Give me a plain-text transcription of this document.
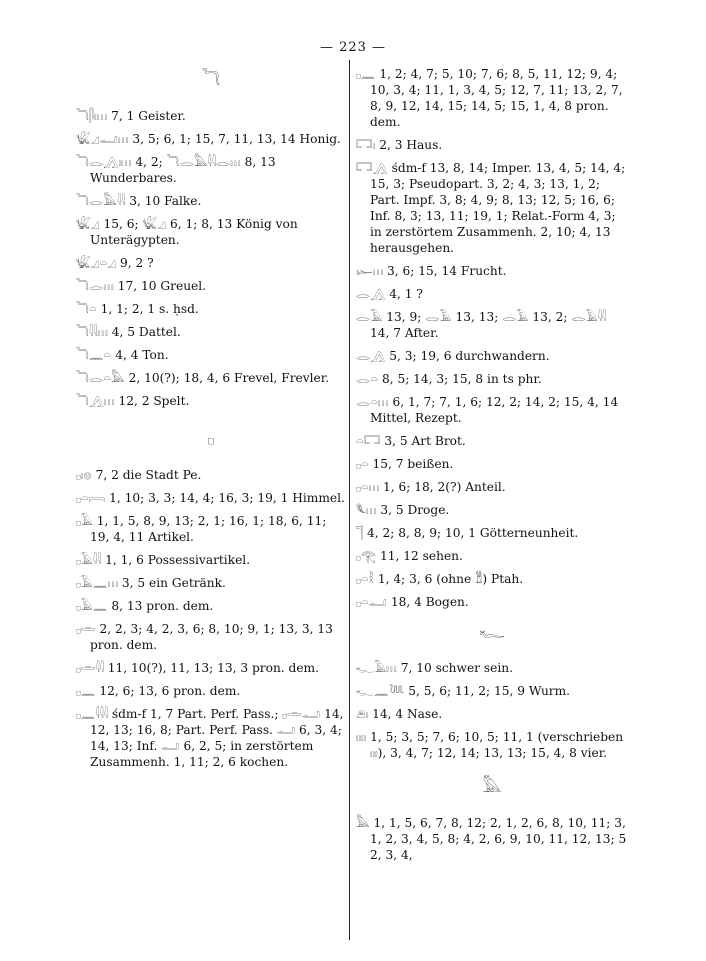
— 223 —
𓆓
𓆓𓋴𓏤𓏥 7, 1 Geister.
𓆤𓈎𓂝𓏥 3, 5; 6, 1; 15, 7, 11, 13, 14 Honig.
𓆓𓂋𓂻𓏤𓏥 4, 2; 𓆓𓂋𓅓𓇋𓇋𓂋𓏥 8, 13 Wunderbares.
𓆓𓂋𓅓𓇋𓇋 3, 10 Falke.
𓆤𓈎 15, 6; 𓆤𓈎 6, 1; 8, 13 König von Unterägypten.
𓆤𓈎𓏏𓈎 9, 2 ?
𓆓𓂋𓏥 17, 10 Greuel.
𓆓𓏏 1, 1; 2, 1 s. ḥsd.
𓆓𓇋𓇋𓏥 4, 5 Dattel.
𓆓𓈖𓏏 4, 4 Ton.
𓆓𓂋𓏏𓅓 2, 10(?); 18, 4, 6 Frevel, Frevler.
𓆓𓂻𓏥 12, 2 Spelt.
𓊪
𓊪𓏤𓊖 7, 2 die Stadt Pe.
𓊪𓏏𓇯 1, 10; 3, 3; 14, 4; 16, 3; 19, 1 Himmel.
𓊪𓄿 1, 1, 5, 8, 9, 13; 2, 1; 16, 1; 18, 6, 11; 19, 4, 11 Artikel.
𓊪𓄿𓇋𓇋 1, 1, 6 Possessivartikel.
𓊪𓄿𓈖𓏥 3, 5 ein Getränk.
𓊪𓄿𓈖 8, 13 pron. dem.
𓊪𓏛 2, 2, 3; 4, 2, 3, 6; 8, 10; 9, 1; 13, 3, 13 pron. dem.
𓊪𓏛𓇋𓇋 11, 10(?), 11, 13; 13, 3 pron. dem.
𓊪𓈖 12, 6; 13, 6 pron. dem.
𓊪𓈖𓇋𓇋𓇋 śdm-f 1, 7 Part. Perf. Pass.; 𓊪𓏛𓂝 14, 12, 13; 16, 8; Part. Perf. Pass. 𓂝 6, 3, 4; 14, 13; Inf. 𓂝 6, 2, 5; in zerstörtem Zusammenh. 1, 11; 2, 6 kochen.
𓊪𓈖 1, 2; 4, 7; 5, 10; 7, 6; 8, 5, 11, 12; 9, 4; 10, 3, 4; 11, 1, 3, 4, 5; 12, 7, 11; 13, 2, 7, 8, 9, 12, 14, 15; 14, 5; 15, 1, 4, 8 pron. dem.
𓉐𓏤 2, 3 Haus.
𓉐𓂻 śdm-f 13, 8, 14; Imper. 13, 4, 5; 14, 4; 15, 3; Pseudopart. 3, 2; 4, 3; 13, 1, 2; Part. Impf. 3, 8; 4, 9; 8, 13; 12, 5; 16, 6; Inf. 8, 3; 13, 11; 19, 1; Relat.-Form 4, 3; in zerstörtem Zusammenh. 2, 10; 4, 13 herausgehen.
𓆱𓏥 3, 6; 15, 14 Frucht.
𓂋𓂻 4, 1 ?
𓂋𓄿 13, 9; 𓂋𓄿 13, 13; 𓂋𓄿 13, 2; 𓂋𓄿𓇋𓇋 14, 7 After.
𓂋𓂻 5, 3; 19, 6 durchwandern.
𓂋𓏏 8, 5; 14, 3; 15, 8 in ts phr.
𓂋𓏏𓏥 6, 1, 7; 7, 1, 6; 12, 2; 14, 2; 15, 4, 14 Mittel, Rezept.
𓏏𓉐 3, 5 Art Brot.
𓊪𓏏 15, 7 beißen.
𓊪𓏏𓏥 1, 6; 18, 2(?) Anteil.
𓆰𓏥 3, 5 Droge.
𓊹 4, 2; 8, 8, 9; 10, 1 Götterneunheit.
𓊪𓂀 11, 12 sehen.
𓊪𓏏𓎛 1, 4; 3, 6 (ohne 𓁰) Ptah.
𓊪𓏏𓂝 18, 4 Bogen.
𓆑
𓆑𓄿𓏥 7, 10 schwer sein.
𓆑𓈖𓆙 5, 5, 6; 11, 2; 15, 9 Wurm.
𓂉𓏤 14, 4 Nase.
𓏤𓏤𓏤𓏤 1, 5; 3, 5; 7, 6; 10, 5; 11, 1 (verschrieben 𓏤𓏤𓏤), 3, 4, 7; 12, 14; 13, 13; 15, 4, 8 vier.
𓅓
𓅓 1, 1, 5, 6, 7, 8, 12; 2, 1, 2, 6, 8, 10, 11; 3, 1, 2, 3, 4, 5, 8; 4, 2, 6, 9, 10, 11, 12, 13; 5 2, 3, 4,
